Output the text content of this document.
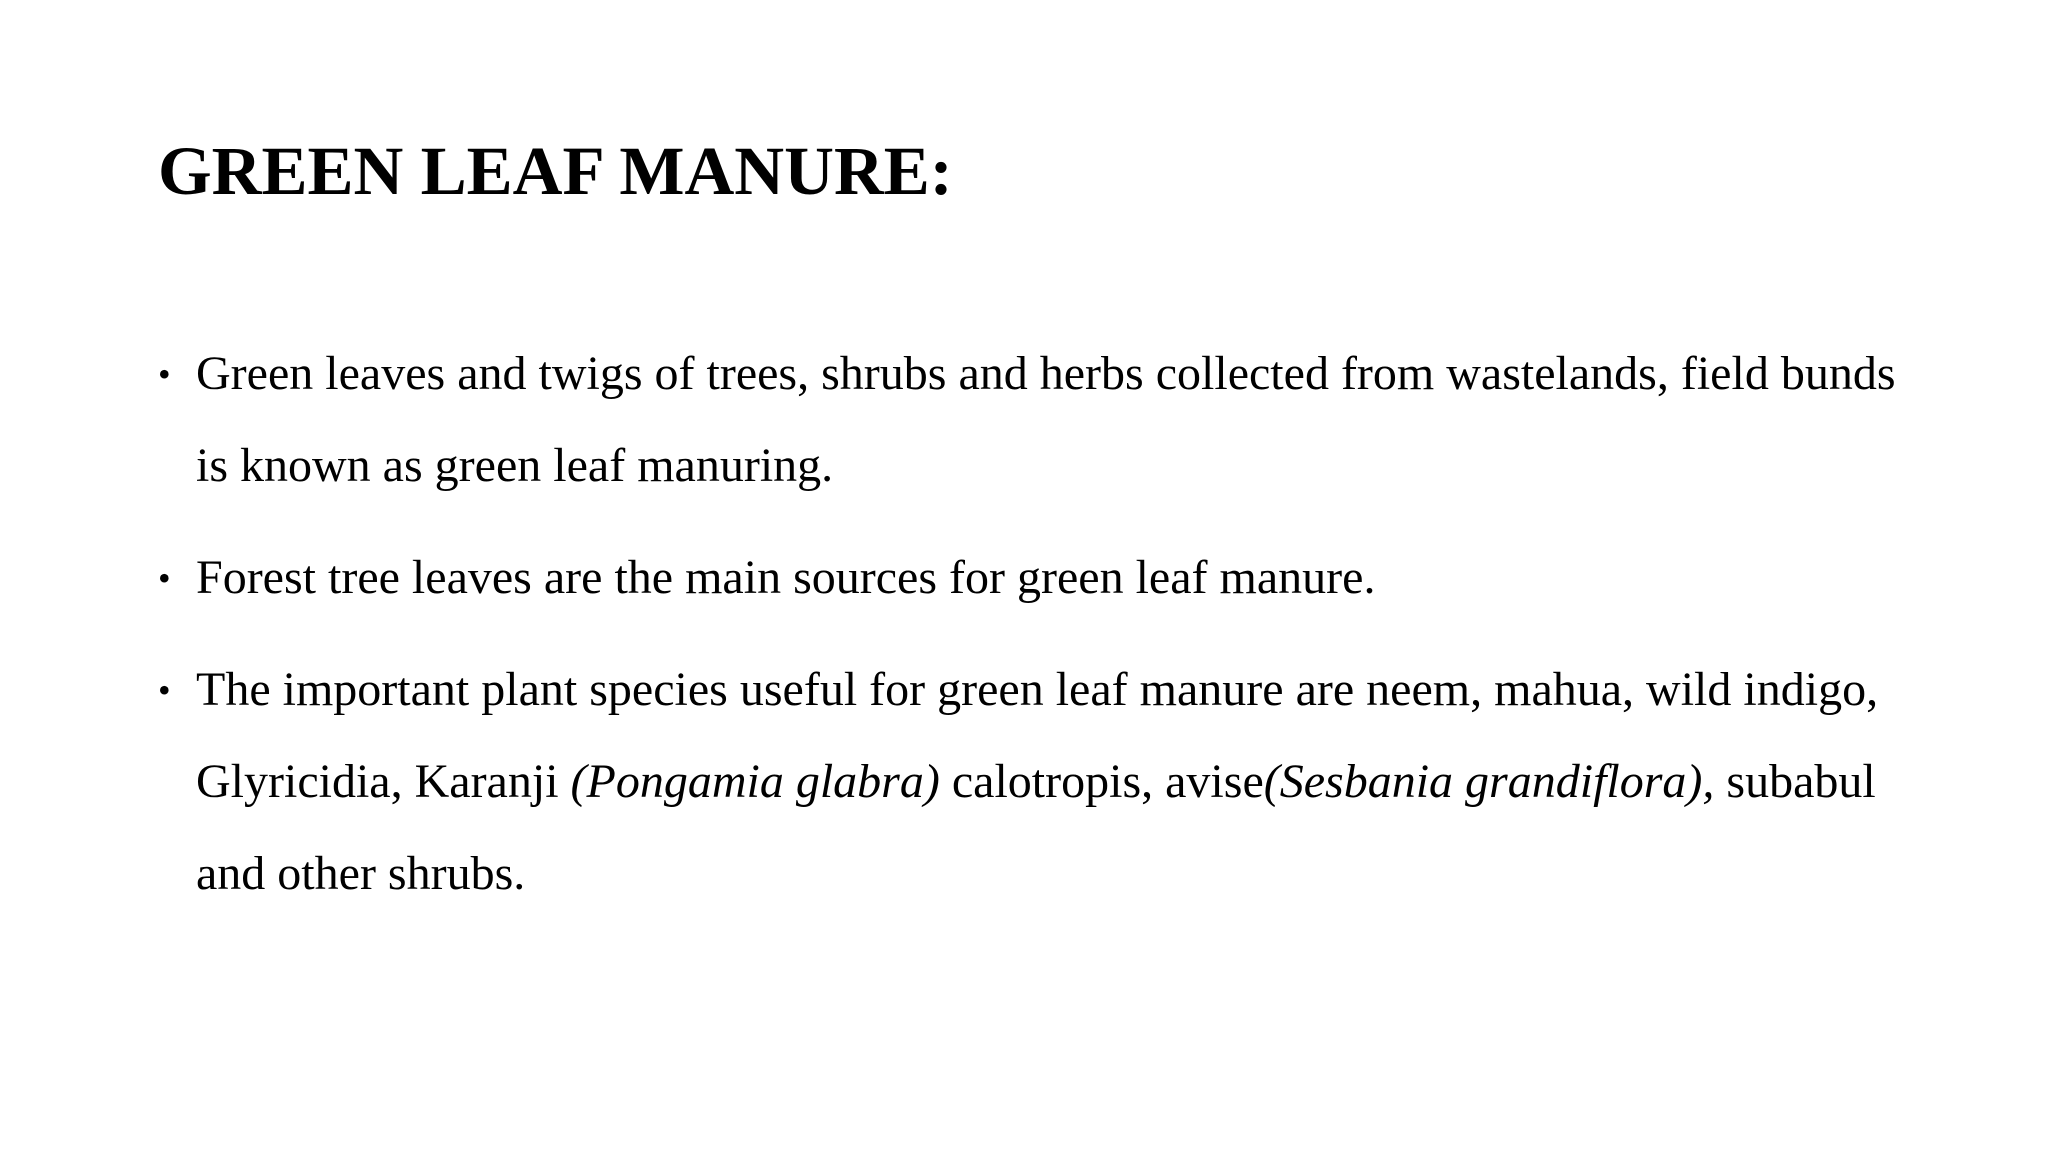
GREEN LEAF MANURE:
• Green leaves and twigs of trees, shrubs and herbs collected from wastelands, field bunds is known as green leaf manuring.
• Forest tree leaves are the main sources for green leaf manure.
• The important plant species useful for green leaf manure are neem, mahua, wild indigo, Glyricidia, Karanji (Pongamia glabra) calotropis, avise(Sesbania grandiflora), subabul and other shrubs.
